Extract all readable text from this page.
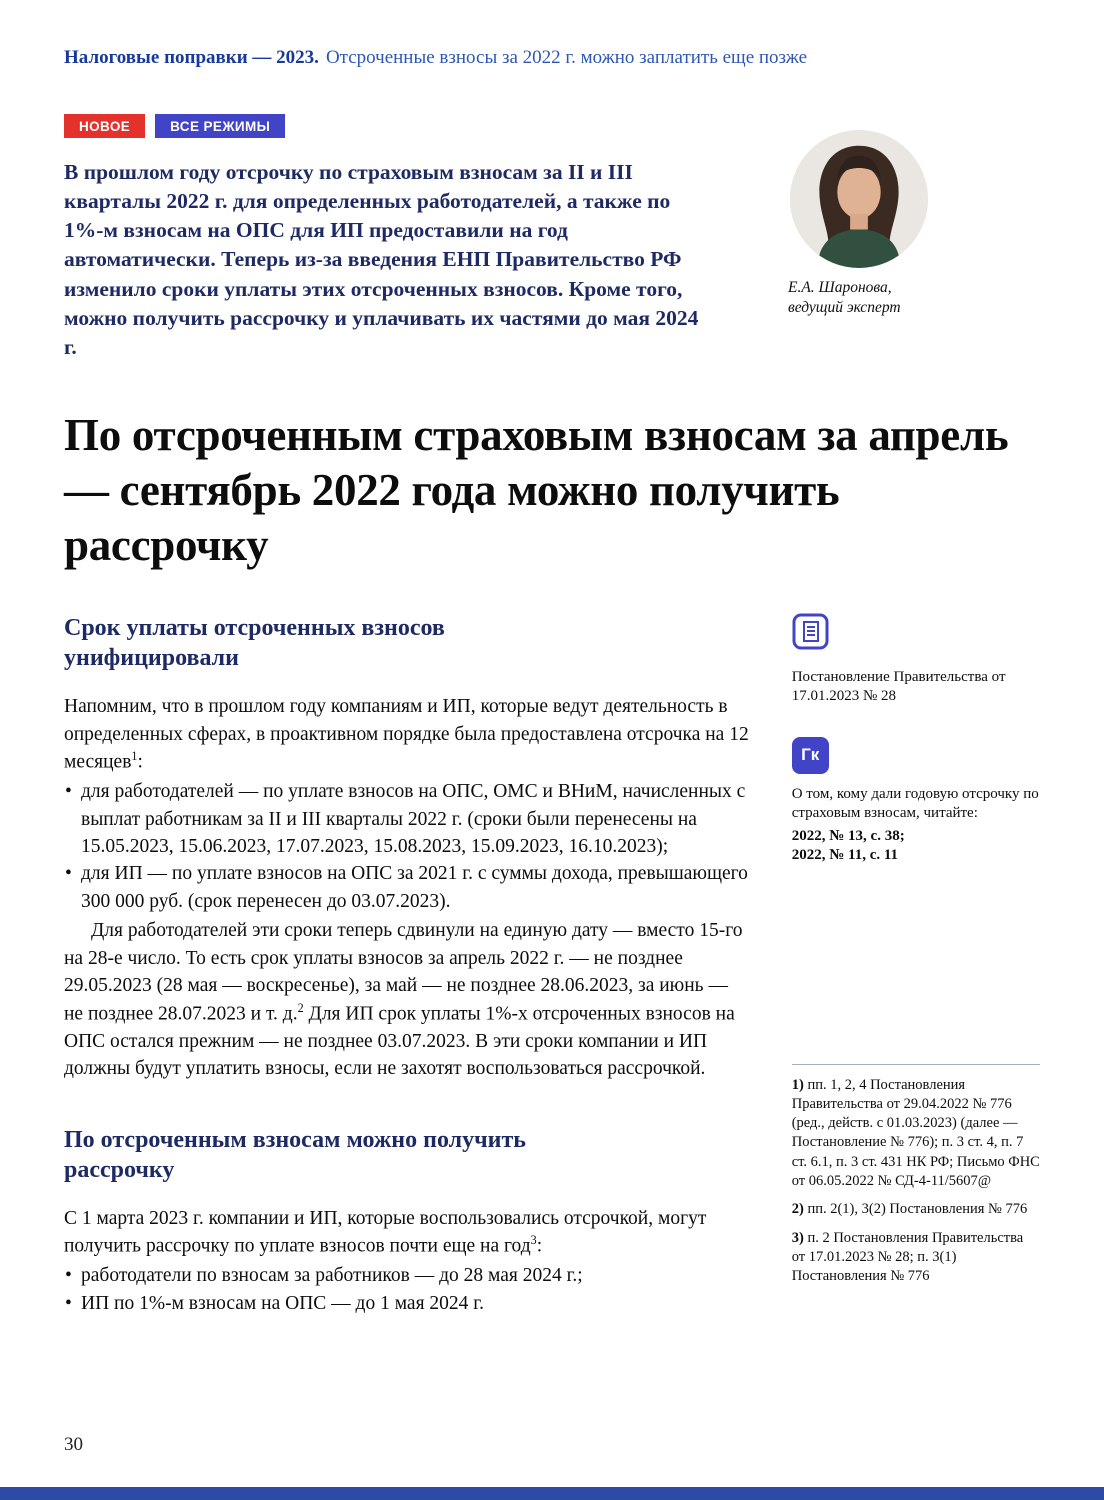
Налоговые поправки — 2023. Отсроченные взносы за 2022 г. можно заплатить еще позже
НОВОЕ	ВСЕ РЕЖИМЫ

В прошлом году отсрочку по страховым взносам за II и III кварталы 2022 г. для определенных работодателей, а также по 1%-м взносам на ОПС для ИП предоставили на год автоматически. Теперь из-за введения ЕНП Правительство РФ изменило сроки уплаты этих отсроченных взносов. Кроме того, можно получить рассрочку и уплачивать их частями до мая 2024 г.

Е.А. Шаронова,
ведущий эксперт
По отсроченным страховым взносам за апрель — сентябрь 2022 года можно получить рассрочку
Срок уплаты отсроченных взносов унифицировали

Напомним, что в прошлом году компаниям и ИП, которые ведут деятельность в определенных сферах, в проактивном порядке была предоставлена отсрочка на 12 месяцев$^1$:

• для работодателей — по уплате взносов на ОПС, ОМС и ВНиМ, начисленных с выплат работникам за II и III кварталы 2022 г. (сроки были перенесены на 15.05.2023, 15.06.2023, 17.07.2023, 15.08.2023, 15.09.2023, 16.10.2023);
• для ИП — по уплате взносов на ОПС за 2021 г. с суммы дохода, превышающего 300 000 руб. (срок перенесен до 03.07.2023).

Для работодателей эти сроки теперь сдвинули на единую дату — вместо 15-го на 28-е число. То есть срок уплаты взносов за апрель 2022 г. — не позднее 29.05.2023 (28 мая — воскресенье), за май — не позднее 28.06.2023, за июнь — не позднее 28.07.2023 и т. д.$^2$ Для ИП срок уплаты 1%-х отсроченных взносов на ОПС остался прежним — не позднее 03.07.2023. В эти сроки компании и ИП должны будут уплатить взносы, если не захотят воспользоваться рассрочкой.

По отсроченным взносам можно получить рассрочку

С 1 марта 2023 г. компании и ИП, которые воспользовались отсрочкой, могут получить рассрочку по уплате взносов почти еще на год$^3$:

• работодатели по взносам за работников — до 28 мая 2024 г.;
• ИП по 1%-м взносам на ОПС — до 1 мая 2024 г.
Постановление Правительства от 17.01.2023 № 28
Гк
О том, кому дали годовую отсрочку по страховым взносам, читайте:
2022, № 13, с. 38;
2022, № 11, с. 11
1) пп. 1, 2, 4 Постановления Правительства от 29.04.2022 № 776 (ред., действ. с 01.03.2023) (далее — Постановление № 776); п. 3 ст. 4, п. 7 ст. 6.1, п. 3 ст. 431 НК РФ; Письмо ФНС от 06.05.2022 № СД-4-11/5607@
2) пп. 2(1), 3(2) Постановления № 776
3) п. 2 Постановления Правительства от 17.01.2023 № 28; п. 3(1) Постановления № 776
30
